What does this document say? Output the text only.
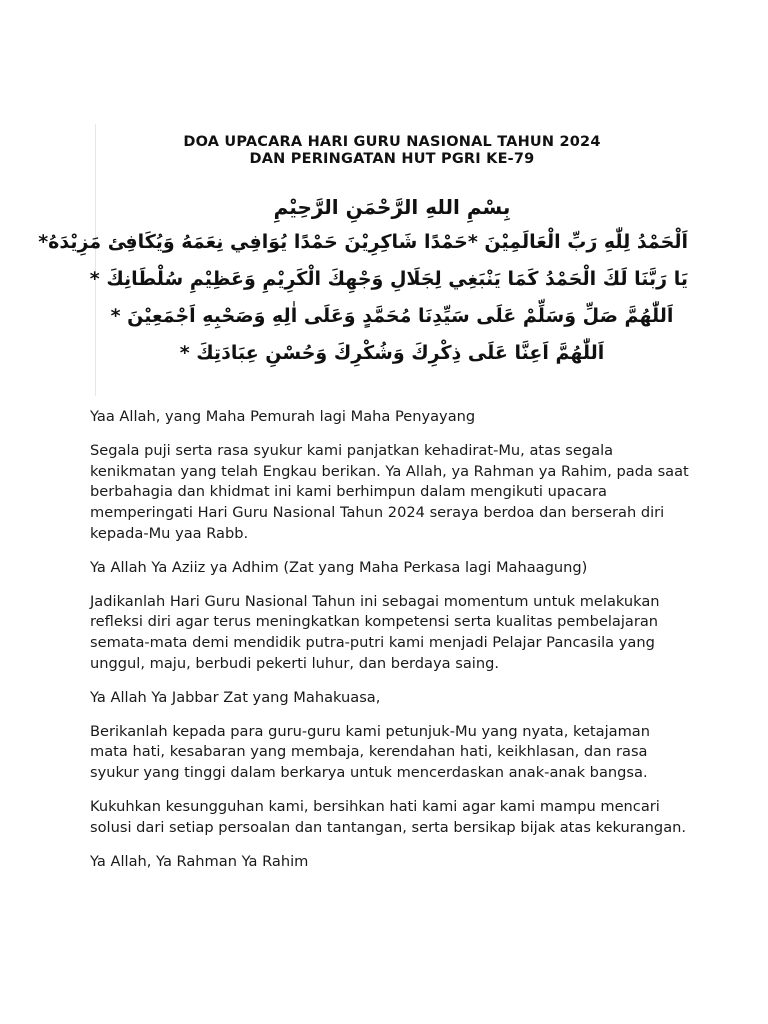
DOA UPACARA HARI GURU NASIONAL TAHUN 2024
DAN PERINGATAN HUT PGRI KE-79
بِسْمِ اللهِ الرَّحْمَنِ الرَّحِيْمِ
اَلْحَمْدُ لِلّٰهِ رَبِّ الْعَالَمِيْنَ *حَمْدًا شَاكِرِيْنَ حَمْدًا يُوَافِي نِعَمَهُ وَيُكَافِئ مَزِيْدَهُ*
يَا رَبَّنَا لَكَ الْحَمْدُ كَمَا يَنْبَغِي لِجَلَالِ وَجْهِكَ الْكَرِيْمِ وَعَظِيْمِ سُلْطَانِكَ *
اَللّٰهُمَّ صَلِّ وَسَلِّمْ عَلَى سَيِّدِنَا مُحَمَّدٍ وَعَلَى اٰلِهِ وَصَحْبِهِ اَجْمَعِيْنَ *
اَللّٰهُمَّ اَعِنَّا عَلَى ذِكْرِكَ وَشُكْرِكَ وَحُسْنِ عِبَادَتِكَ *

Yaa Allah, yang Maha Pemurah lagi Maha Penyayang

Segala puji serta rasa syukur kami panjatkan kehadirat-Mu, atas segala kenikmatan yang telah Engkau berikan. Ya Allah, ya Rahman ya Rahim, pada saat berbahagia dan khidmat ini kami berhimpun dalam mengikuti upacara memperingati Hari Guru Nasional Tahun 2024 seraya berdoa dan berserah diri kepada-Mu yaa Rabb.

Ya Allah Ya Aziiz ya Adhim (Zat yang Maha Perkasa lagi Mahaagung)

Jadikanlah Hari Guru Nasional Tahun ini sebagai momentum untuk melakukan refleksi diri agar terus meningkatkan kompetensi serta kualitas pembelajaran semata-mata demi mendidik putra-putri kami menjadi Pelajar Pancasila yang unggul, maju, berbudi pekerti luhur, dan berdaya saing.

Ya Allah Ya Jabbar Zat yang Mahakuasa,

Berikanlah kepada para guru-guru kami petunjuk-Mu yang nyata, ketajaman mata hati, kesabaran yang membaja, kerendahan hati, keikhlasan, dan rasa syukur yang tinggi dalam berkarya untuk mencerdaskan anak-anak bangsa.

Kukuhkan kesungguhan kami, bersihkan hati kami agar kami mampu mencari solusi dari setiap persoalan dan tantangan, serta bersikap bijak atas kekurangan.

Ya Allah, Ya Rahman Ya Rahim
